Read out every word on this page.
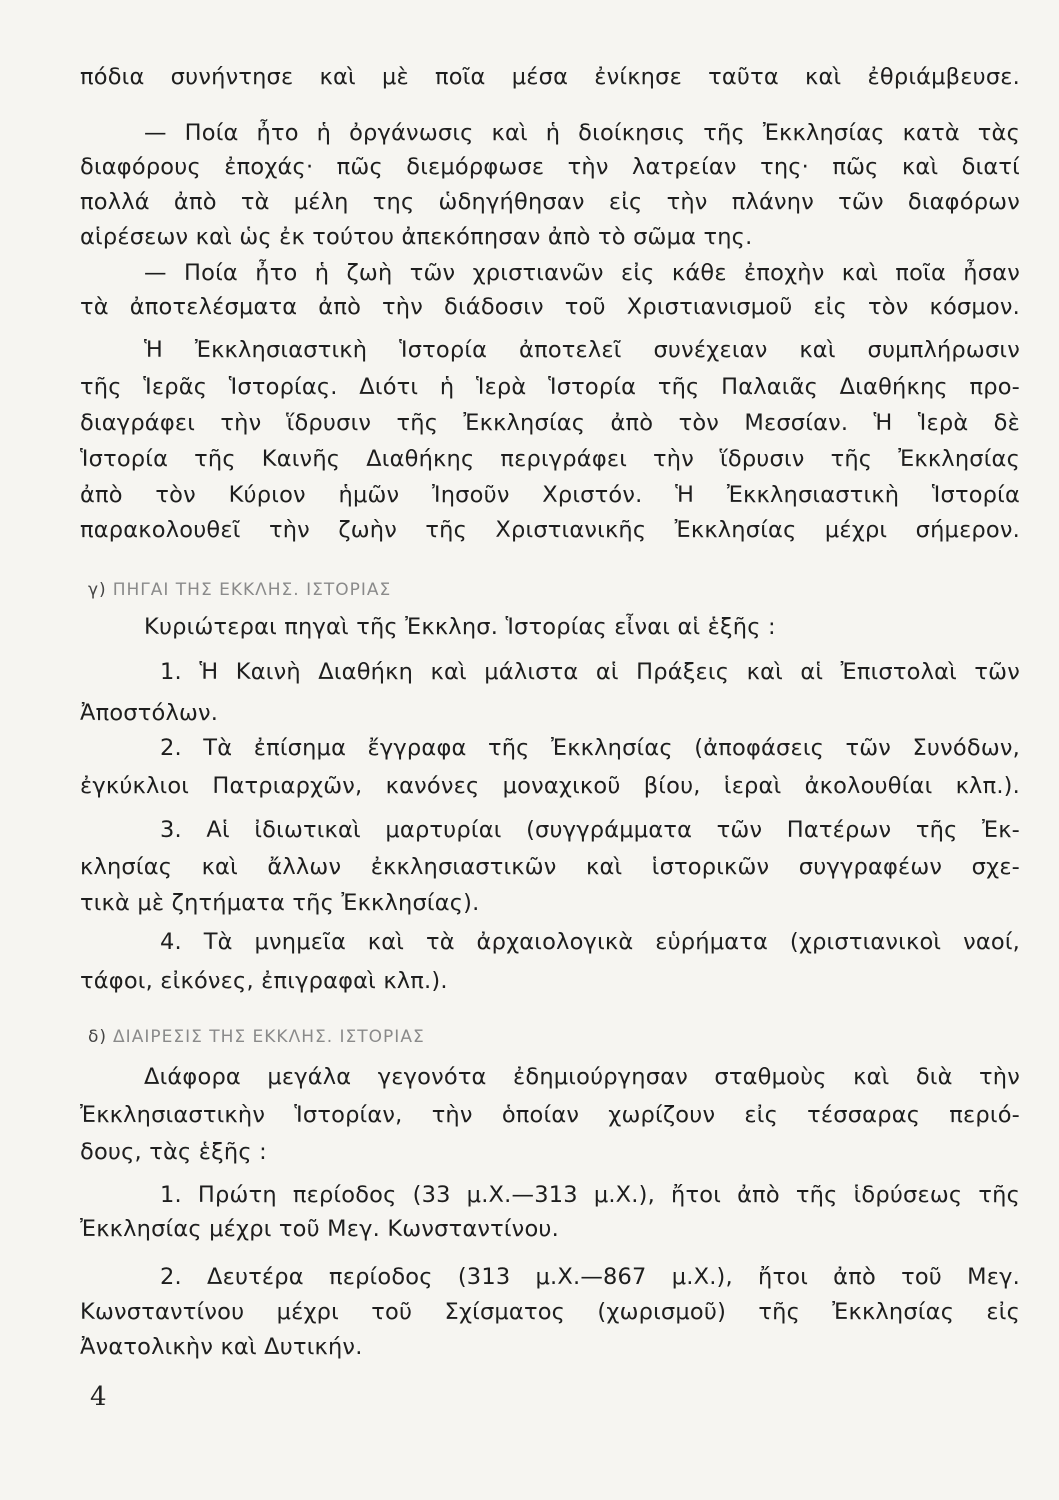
πόδια συνήντησε καὶ μὲ ποῖα μέσα ἐνίκησε ταῦτα καὶ ἐθριάμβευσε.

— Ποία ἦτο ἡ ὀργάνωσις καὶ ἡ διοίκησις τῆς Ἐκκλησίας κατὰ τὰς

διαφόρους ἐποχάς· πῶς διεμόρφωσε τὴν λατρείαν της· πῶς καὶ διατί

πολλά ἀπὸ τὰ μέλη της ὡδηγήθησαν εἰς τὴν πλάνην τῶν διαφόρων

αἱρέσεων καὶ ὡς ἐκ τούτου ἀπεκόπησαν ἀπὸ τὸ σῶμα της.

— Ποία ἦτο ἡ ζωὴ τῶν χριστιανῶν εἰς κάθε ἐποχὴν καὶ ποῖα ἦσαν

τὰ ἀποτελέσματα ἀπὸ τὴν διάδοσιν τοῦ Χριστιανισμοῦ εἰς τὸν κόσμον.

Ἡ Ἐκκλησιαστικὴ Ἱστορία ἀποτελεῖ συνέχειαν καὶ συμπλήρωσιν

τῆς Ἱερᾶς Ἱστορίας. Διότι ἡ Ἱερὰ Ἱστορία τῆς Παλαιᾶς Διαθήκης προ-

διαγράφει τὴν ἵδρυσιν τῆς Ἐκκλησίας ἀπὸ τὸν Μεσσίαν. Ἡ Ἱερὰ δὲ

Ἱστορία τῆς Καινῆς Διαθήκης περιγράφει τὴν ἵδρυσιν τῆς Ἐκκλησίας

ἀπὸ τὸν Κύριον ἡμῶν Ἰησοῦν Χριστόν. Ἡ Ἐκκλησιαστικὴ Ἱστορία

παρακολουθεῖ τὴν ζωὴν τῆς Χριστιανικῆς Ἐκκλησίας μέχρι σήμερον.

γ) ΠΗΓΑΙ ΤΗΣ ΕΚΚΛΗΣ. ΙΣΤΟΡΙΑΣ

Κυριώτεραι πηγαὶ τῆς Ἐκκλησ. Ἱστορίας εἶναι αἱ ἑξῆς :

1. Ἡ Καινὴ Διαθήκη καὶ μάλιστα αἱ Πράξεις καὶ αἱ Ἐπιστολαὶ τῶν

Ἀποστόλων.

2. Τὰ ἐπίσημα ἔγγραφα τῆς Ἐκκλησίας (ἀποφάσεις τῶν Συνόδων,

ἐγκύκλιοι Πατριαρχῶν, κανόνες μοναχικοῦ βίου, ἱεραὶ ἀκολουθίαι κλπ.).

3. Αἱ ἰδιωτικαὶ μαρτυρίαι (συγγράμματα τῶν Πατέρων τῆς Ἐκ-

κλησίας καὶ ἄλλων ἐκκλησιαστικῶν καὶ ἱστορικῶν συγγραφέων σχε-

τικὰ μὲ ζητήματα τῆς Ἐκκλησίας).

4. Τὰ μνημεῖα καὶ τὰ ἀρχαιολογικὰ εὑρήματα (χριστιανικοὶ ναοί,

τάφοι, εἰκόνες, ἐπιγραφαὶ κλπ.).

δ) ΔΙΑΙΡΕΣΙΣ ΤΗΣ ΕΚΚΛΗΣ. ΙΣΤΟΡΙΑΣ

Διάφορα μεγάλα γεγονότα ἐδημιούργησαν σταθμοὺς καὶ διὰ τὴν

Ἐκκλησιαστικὴν Ἱστορίαν, τὴν ὁποίαν χωρίζουν εἰς τέσσαρας περιό-

δους, τὰς ἑξῆς :

1. Πρώτη περίοδος (33 μ.Χ.—313 μ.Χ.), ἤτοι ἀπὸ τῆς ἱδρύσεως τῆς

Ἐκκλησίας μέχρι τοῦ Μεγ. Κωνσταντίνου.

2. Δευτέρα περίοδος (313 μ.Χ.—867 μ.Χ.), ἤτοι ἀπὸ τοῦ Μεγ.

Κωνσταντίνου μέχρι τοῦ Σχίσματος (χωρισμοῦ) τῆς Ἐκκλησίας εἰς

Ἀνατολικὴν καὶ Δυτικήν.

4
